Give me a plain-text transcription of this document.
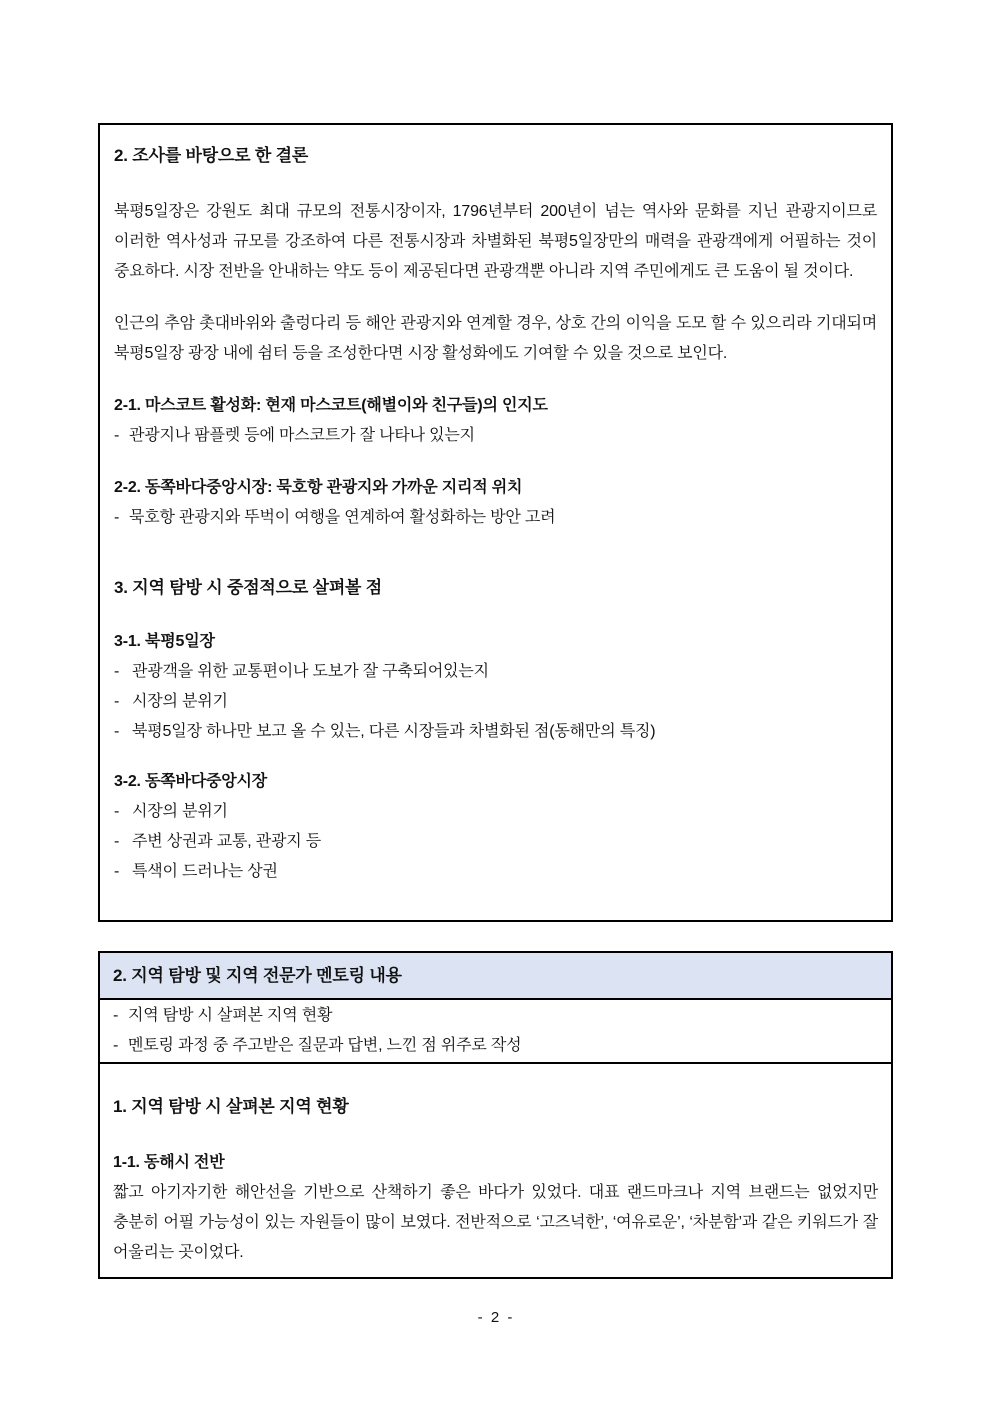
2. 조사를 바탕으로 한 결론

북평5일장은 강원도 최대 규모의 전통시장이자, 1796년부터 200년이 넘는 역사와 문화를 지닌 관광지이므로 이러한 역사성과 규모를 강조하여 다른 전통시장과 차별화된 북평5일장만의 매력을 관광객에게 어필하는 것이 중요하다. 시장 전반을 안내하는 약도 등이 제공된다면 관광객뿐 아니라 지역 주민에게도 큰 도움이 될 것이다.

인근의 추암 촛대바위와 출렁다리 등 해안 관광지와 연계할 경우, 상호 간의 이익을 도모 할 수 있으리라 기대되며 북평5일장 광장 내에 쉼터 등을 조성한다면 시장 활성화에도 기여할 수 있을 것으로 보인다.

2-1. 마스코트 활성화: 현재 마스코트(해별이와 친구들)의 인지도
- 관광지나 팜플렛 등에 마스코트가 잘 나타나 있는지
2-2. 동쪽바다중앙시장: 묵호항 관광지와 가까운 지리적 위치
- 묵호항 관광지와 뚜벅이 여행을 연계하여 활성화하는 방안 고려
3. 지역 탐방 시 중점적으로 살펴볼 점
3-1. 북평5일장
- 관광객을 위한 교통편이나 도보가 잘 구축되어있는지
- 시장의 분위기
- 북평5일장 하나만 보고 올 수 있는, 다른 시장들과 차별화된 점(동해만의 특징)
3-2. 동쪽바다중앙시장
- 시장의 분위기
- 주변 상권과 교통, 관광지 등
- 특색이 드러나는 상권
2. 지역 탐방 및 지역 전문가 멘토링 내용
- 지역 탐방 시 살펴본 지역 현황
- 멘토링 과정 중 주고받은 질문과 답변, 느낀 점 위주로 작성
1. 지역 탐방 시 살펴본 지역 현황
1-1. 동해시 전반

짧고 아기자기한 해안선을 기반으로 산책하기 좋은 바다가 있었다. 대표 랜드마크나 지역 브랜드는 없었지만 충분히 어필 가능성이 있는 자원들이 많이 보였다. 전반적으로 ‘고즈넉한’, ‘여유로운’, ‘차분함’과 같은 키워드가 잘 어울리는 곳이었다.

- 2 -
